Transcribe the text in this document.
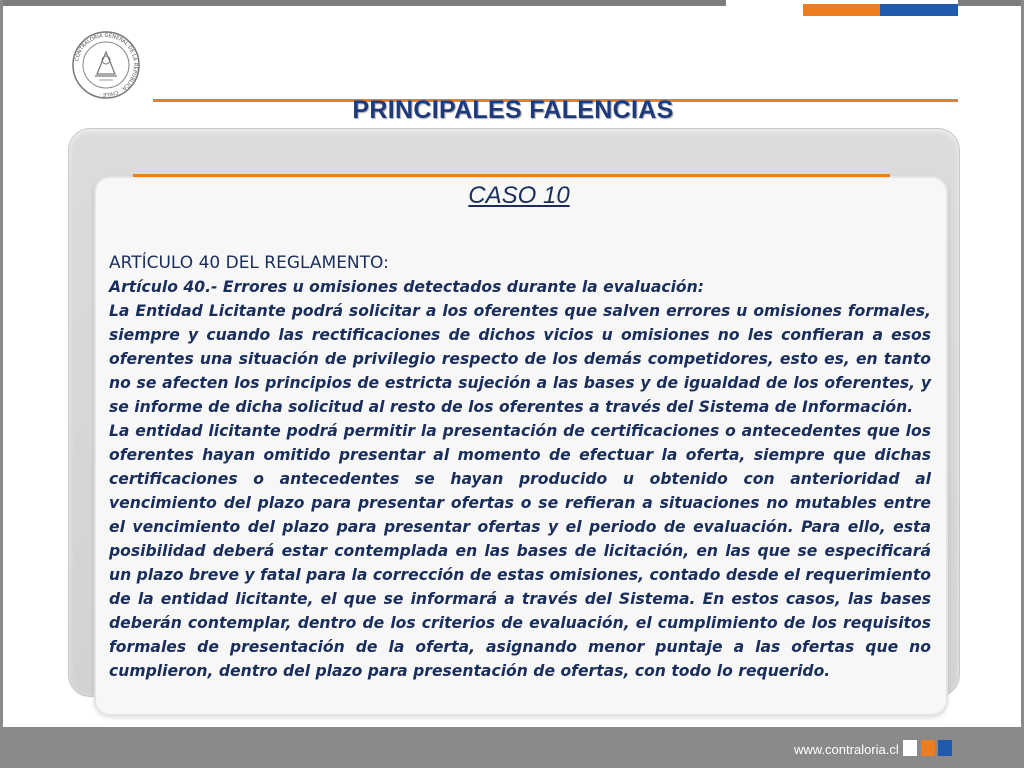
CONTRALORIA GENERAL DE LA REPUBLICA · CHILE ·
PRINCIPALES FALENCIAS
CASO 10

ARTÍCULO 40 DEL REGLAMENTO:

Artículo 40.- Errores u omisiones detectados durante la evaluación:

La Entidad Licitante podrá solicitar a los oferentes que salven errores u omisiones formales, siempre y cuando las rectificaciones de dichos vicios u omisiones no les confieran a esos oferentes una situación de privilegio respecto de los demás competidores, esto es, en tanto no se afecten los principios de estricta sujeción a las bases y de igualdad de los oferentes, y se informe de dicha solicitud al resto de los oferentes a través del Sistema de Información.

La entidad licitante podrá permitir la presentación de certificaciones o antecedentes que los oferentes hayan omitido presentar al momento de efectuar la oferta, siempre que dichas certificaciones o antecedentes se hayan producido u obtenido con anterioridad al vencimiento del plazo para presentar ofertas o se refieran a situaciones no mutables entre el vencimiento del plazo para presentar ofertas y el periodo de evaluación. Para ello, esta posibilidad deberá estar contemplada en las bases de licitación, en las que se especificará un plazo breve y fatal para la corrección de estas omisiones, contado desde el requerimiento de la entidad licitante, el que se informará a través del Sistema. En estos casos, las bases deberán contemplar, dentro de los criterios de evaluación, el cumplimiento de los requisitos formales de presentación de la oferta, asignando menor puntaje a las ofertas que no cumplieron, dentro del plazo para presentación de ofertas, con todo lo requerido.

www.contraloria.cl
